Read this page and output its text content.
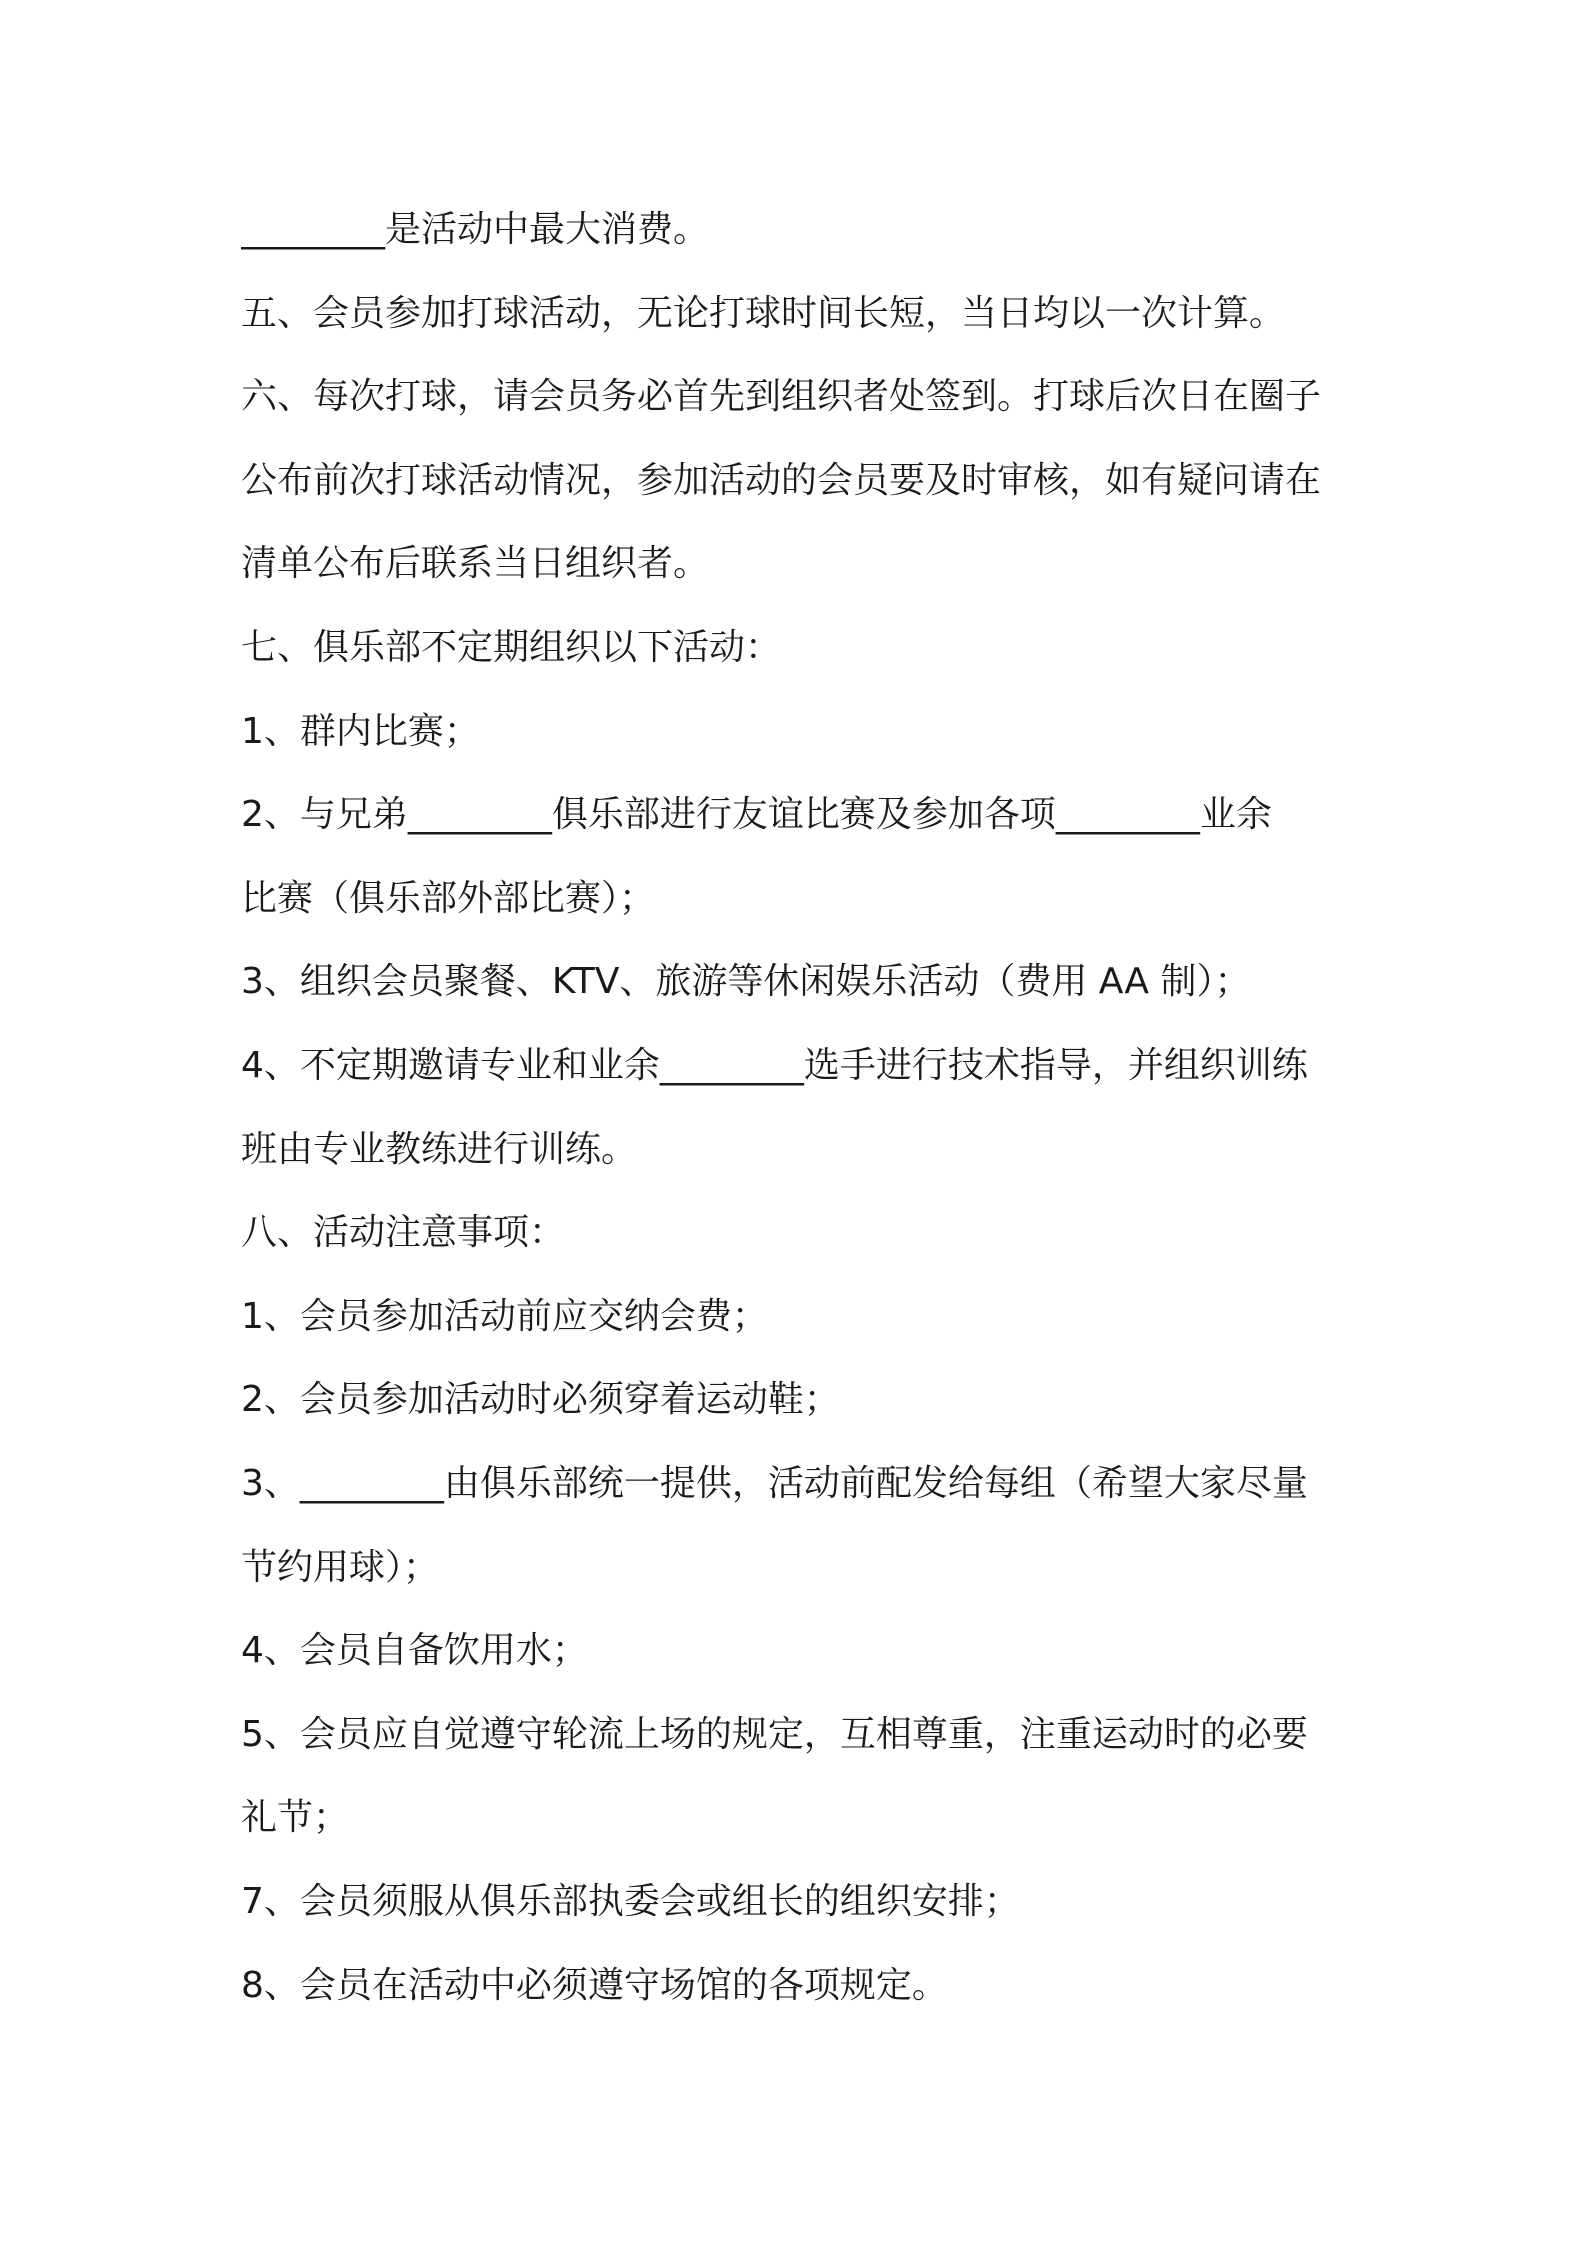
________是活动中最大消费。
五、会员参加打球活动，无论打球时间长短，当日均以一次计算。
六、每次打球，请会员务必首先到组织者处签到。打球后次日在圈子
公布前次打球活动情况，参加活动的会员要及时审核，如有疑问请在
清单公布后联系当日组织者。
七、俱乐部不定期组织以下活动：
1、群内比赛；
2、与兄弟________俱乐部进行友谊比赛及参加各项________业余
比赛（俱乐部外部比赛）；
3、组织会员聚餐、KTV、旅游等休闲娱乐活动（费用 AA 制）；
4、不定期邀请专业和业余________选手进行技术指导，并组织训练
班由专业教练进行训练。
八、活动注意事项：
1、会员参加活动前应交纳会费；
2、会员参加活动时必须穿着运动鞋；
3、________由俱乐部统一提供，活动前配发给每组（希望大家尽量
节约用球）；
4、会员自备饮用水；
5、会员应自觉遵守轮流上场的规定，互相尊重，注重运动时的必要
礼节；
7、会员须服从俱乐部执委会或组长的组织安排；
8、会员在活动中必须遵守场馆的各项规定。
